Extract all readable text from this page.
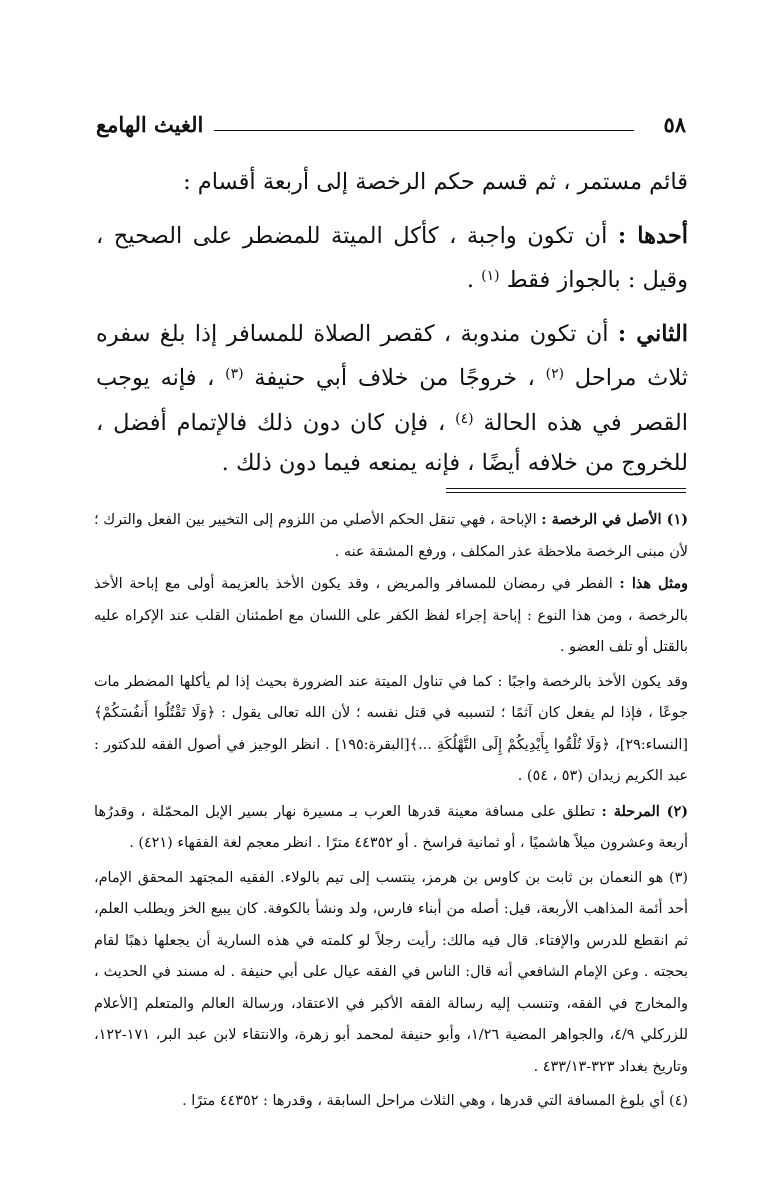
٥٨
الغيث الهامع

قائم مستمر ، ثم قسم حكم الرخصة إلى أربعة أقسام :

أحدها : أن تكون واجبة ، كأكل الميتة للمضطر على الصحيح ، وقيل : بالجواز فقط $^{(١)}$ .

الثاني : أن تكون مندوبة ، كقصر الصلاة للمسافر إذا بلغ سفره ثلاث مراحل $^{(٢)}$ ، خروجًا من خلاف أبي حنيفة $^{(٣)}$ ، فإنه يوجب القصر في هذه الحالة $^{(٤)}$ ، فإن كان دون ذلك فالإتمام أفضل ، للخروج من خلافه أيضًا ، فإنه يمنعه فيما دون ذلك .

(١) الأصل في الرخصة : الإباحة ، فهي تنقل الحكم الأصلي من اللزوم إلى التخيير بين الفعل والترك ؛ لأن مبنى الرخصة ملاحظة عذر المكلف ، ورفع المشقة عنه .

ومثل هذا : الفطر في رمضان للمسافر والمريض ، وقد يكون الأخذ بالعزيمة أولى مع إباحة الأخذ بالرخصة ، ومن هذا النوع : إباحة إجراء لفظ الكفر على اللسان مع اطمئنان القلب عند الإكراه عليه بالقتل أو تلف العضو .

وقد يكون الأخذ بالرخصة واجبًا : كما في تناول الميتة عند الضرورة بحيث إذا لم يأكلها المضطر مات جوعًا ، فإذا لم يفعل كان آثمًا ؛ لتسببه في قتل نفسه ؛ لأن الله تعالى يقول : ﴿وَلَا تَقْتُلُوا أَنفُسَكُمْ﴾ [النساء:٢٩]، ﴿وَلَا تُلْقُوا بِأَيْدِيكُمْ إِلَى التَّهْلُكَةِ ...﴾[البقرة:١٩٥] . انظر الوجيز في أصول الفقه للدكتور : عبد الكريم زيدان (٥٣ ، ٥٤) .

(٢) المرحلة : تطلق على مسافة معينة قدرها العرب بـ مسيرة نهار بسير الإبل المحمّلة ، وقدرُها أربعة وعشرون ميلاً هاشميًا ، أو ثمانية فراسخ . أو ٤٤٣٥٢ مترًا . انظر معجم لغة الفقهاء (٤٢١) .

(٣) هو النعمان بن ثابت بن كاوس بن هرمز، ينتسب إلى تيم بالولاء. الفقيه المجتهد المحقق الإمام، أحد أئمة المذاهب الأربعة، قيل: أصله من أبناء فارس، ولد ونشأ بالكوفة. كان يبيع الخز ويطلب العلم، ثم انقطع للدرس والإفتاء. قال فيه مالك: رأيت رجلاً لو كلمته في هذه السارية أن يجعلها ذهبًا لقام بحجته . وعن الإمام الشافعي أنه قال: الناس في الفقه عيال على أبي حنيفة . له مسند في الحديث ، والمخارج في الفقه، وتنسب إليه رسالة الفقه الأكبر في الاعتقاد، ورسالة العالم والمتعلم [الأعلام للزركلي ٤/٩، والجواهر المضية ١/٢٦، وأبو حنيفة لمحمد أبو زهرة، والانتقاء لابن عبد البر، ١٧١-١٢٢، وتاريخ بغداد ٣٢٣-٤٣٣/١٣ .

(٤) أي بلوغ المسافة التي قدرها ، وهي الثلاث مراحل السابقة ، وقدرها : ٤٤٣٥٢ مترًا .
